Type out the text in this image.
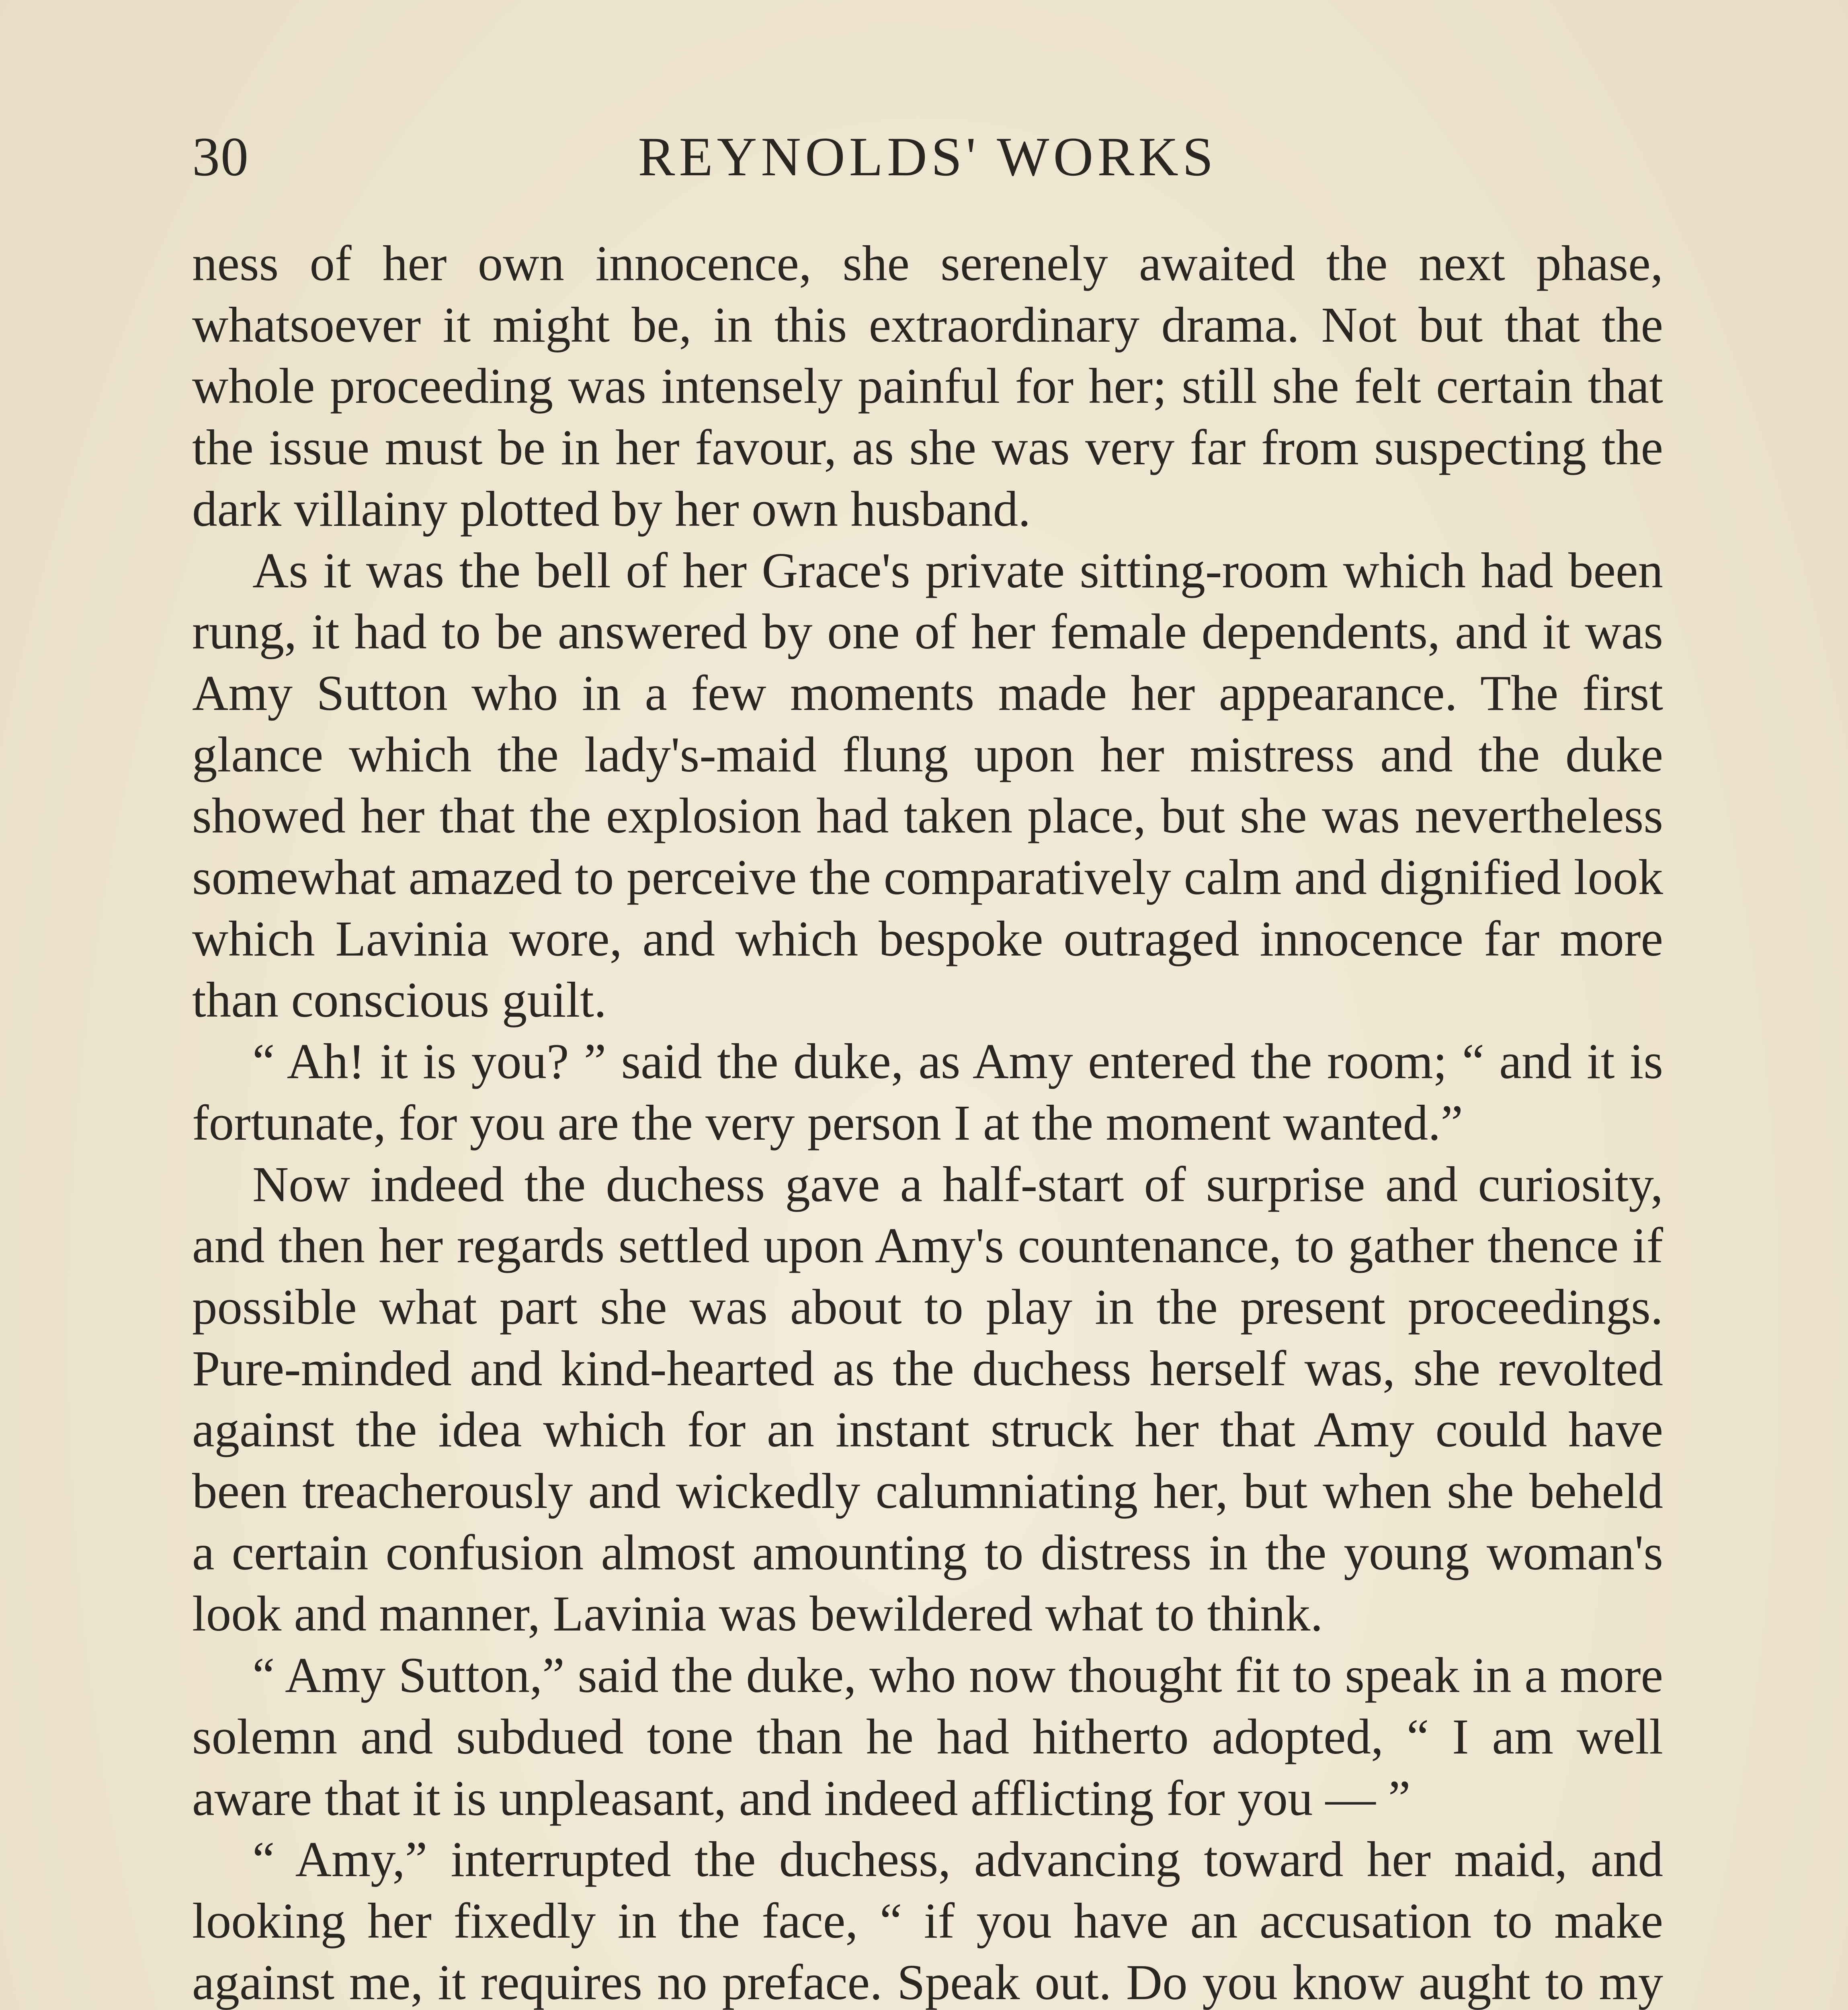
30	REYNOLDS' WORKS

ness of her own innocence, she serenely awaited the next phase, whatsoever it might be, in this extraordinary drama. Not but that the whole proceeding was intensely painful for her; still she felt certain that the issue must be in her favour, as she was very far from suspecting the dark villainy plotted by her own husband.

As it was the bell of her Grace's private sitting-room which had been rung, it had to be answered by one of her female dependents, and it was Amy Sutton who in a few moments made her appearance. The first glance which the lady's-maid flung upon her mistress and the duke showed her that the explosion had taken place, but she was nevertheless somewhat amazed to perceive the comparatively calm and dignified look which Lavinia wore, and which bespoke outraged innocence far more than conscious guilt.

“ Ah! it is you? ” said the duke, as Amy entered the room; “ and it is fortunate, for you are the very person I at the moment wanted.”

Now indeed the duchess gave a half-start of surprise and curiosity, and then her regards settled upon Amy's countenance, to gather thence if possible what part she was about to play in the present proceedings. Pure-minded and kind-hearted as the duchess herself was, she revolted against the idea which for an instant struck her that Amy could have been treacherously and wickedly calumniating her, but when she beheld a certain confusion almost amounting to distress in the young woman's look and manner, Lavinia was bewildered what to think.

“ Amy Sutton,” said the duke, who now thought fit to speak in a more solemn and subdued tone than he had hitherto adopted, “ I am well aware that it is unpleasant, and indeed afflicting for you — ”

“ Amy,” interrupted the duchess, advancing toward her maid, and looking her fixedly in the face, “ if you have an accusation to make against me, it requires no preface. Speak out. Do you know aught to my
